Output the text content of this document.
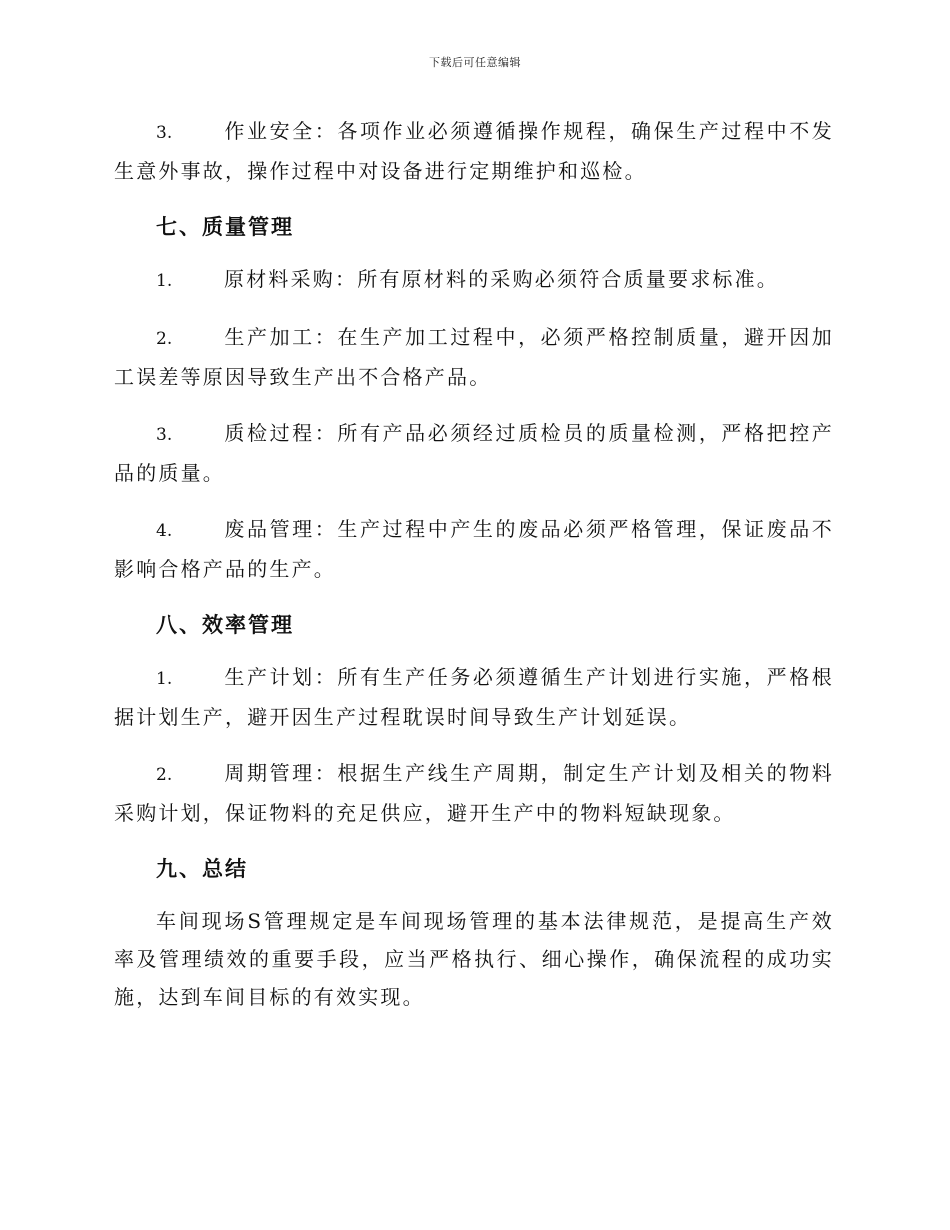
下载后可任意编辑

3.	作业安全：各项作业必须遵循操作规程，确保生产过程中不发生意外事故，操作过程中对设备进行定期维护和巡检。

七、质量管理

1.	原材料采购：所有原材料的采购必须符合质量要求标准。

2.	生产加工：在生产加工过程中，必须严格控制质量，避开因加工误差等原因导致生产出不合格产品。

3.	质检过程：所有产品必须经过质检员的质量检测，严格把控产品的质量。

4.	废品管理：生产过程中产生的废品必须严格管理，保证废品不影响合格产品的生产。

八、效率管理

1.	生产计划：所有生产任务必须遵循生产计划进行实施，严格根据计划生产，避开因生产过程耽误时间导致生产计划延误。

2.	周期管理：根据生产线生产周期，制定生产计划及相关的物料采购计划，保证物料的充足供应，避开生产中的物料短缺现象。

九、总结

车间现场S管理规定是车间现场管理的基本法律规范，是提高生产效率及管理绩效的重要手段，应当严格执行、细心操作，确保流程的成功实施，达到车间目标的有效实现。
